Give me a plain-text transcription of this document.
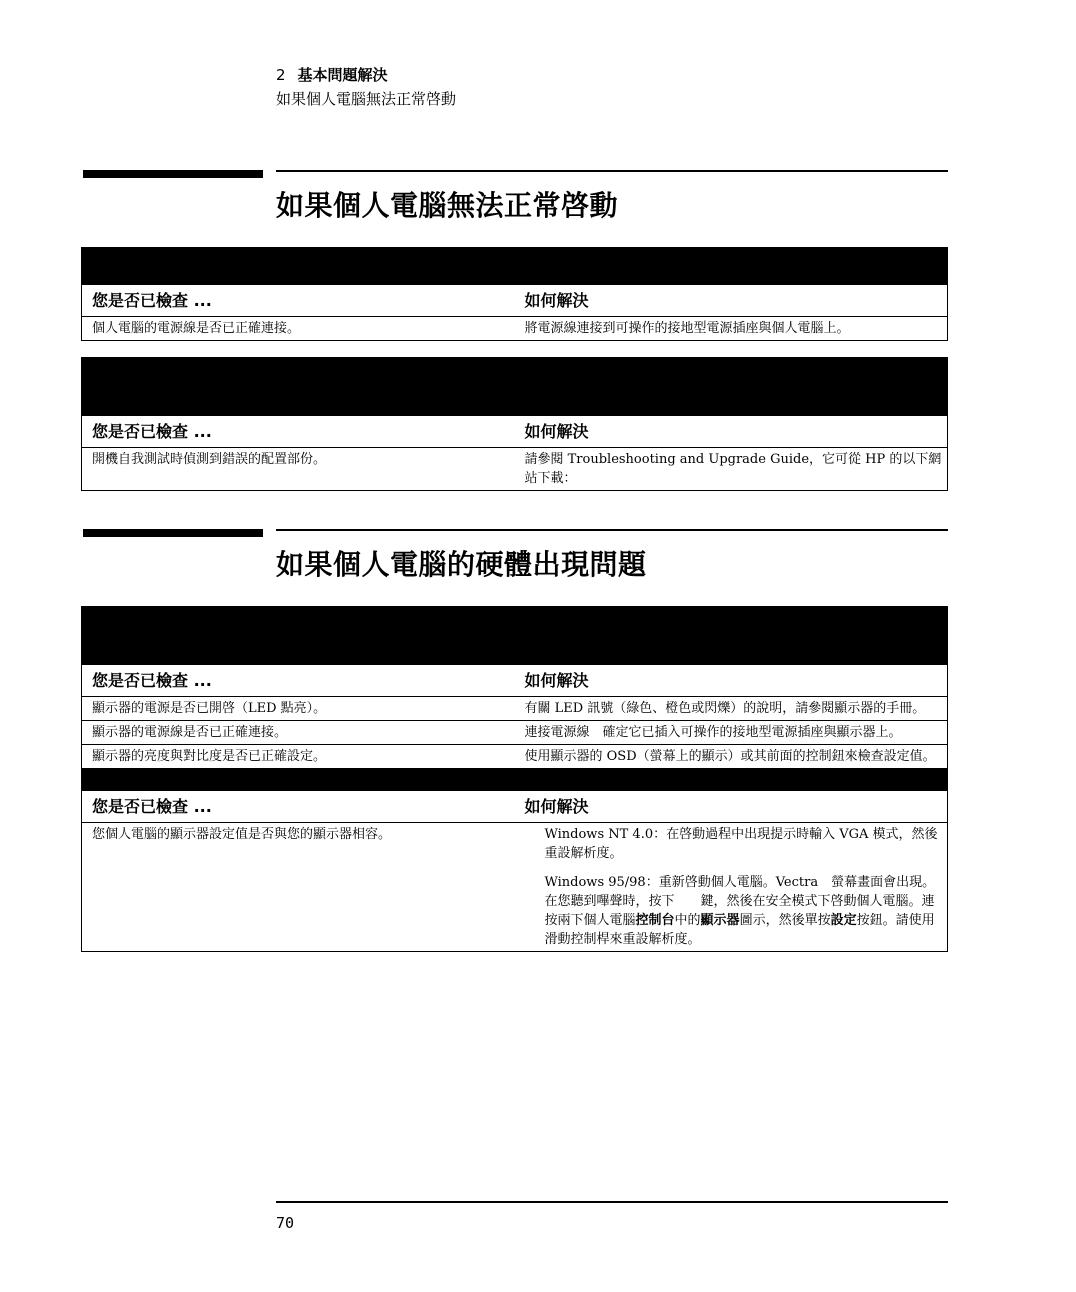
2 基本問題解決
如果個人電腦無法正常啓動
如果個人電腦無法正常啓動

您是否已檢查 ...	如何解決
個人電腦的電源線是否已正確連接。	將電源線連接到可操作的接地型電源插座與個人電腦上。

您是否已檢查 ...	如何解決
開機自我測試時偵測到錯誤的配置部份。	請參閱 Troubleshooting and Upgrade Guide，它可從 HP 的以下網站下載：
如果個人電腦的硬體出現問題

您是否已檢查 ...	如何解決
顯示器的電源是否已開啓（LED 點亮）。	有關 LED 訊號（綠色、橙色或閃爍）的說明，請參閱顯示器的手冊。
顯示器的電源線是否已正確連接。	連接電源線　確定它已插入可操作的接地型電源插座與顯示器上。
顯示器的亮度與對比度是否已正確設定。	使用顯示器的 OSD（螢幕上的顯示）或其前面的控制鈕來檢查設定值。

您是否已檢查 ...	如何解決
您個人電腦的顯示器設定值是否與您的顯示器相容。	Windows NT 4.0：在啓動過程中出現提示時輸入 VGA 模式，然後重設解析度。
Windows 95/98：重新啓動個人電腦。Vectra　螢幕畫面會出現。在您聽到嗶聲時，按下　　鍵，然後在安全模式下啓動個人電腦。連按兩下個人電腦控制台中的顯示器圖示，然後單按設定按鈕。請使用滑動控制桿來重設解析度。
70
